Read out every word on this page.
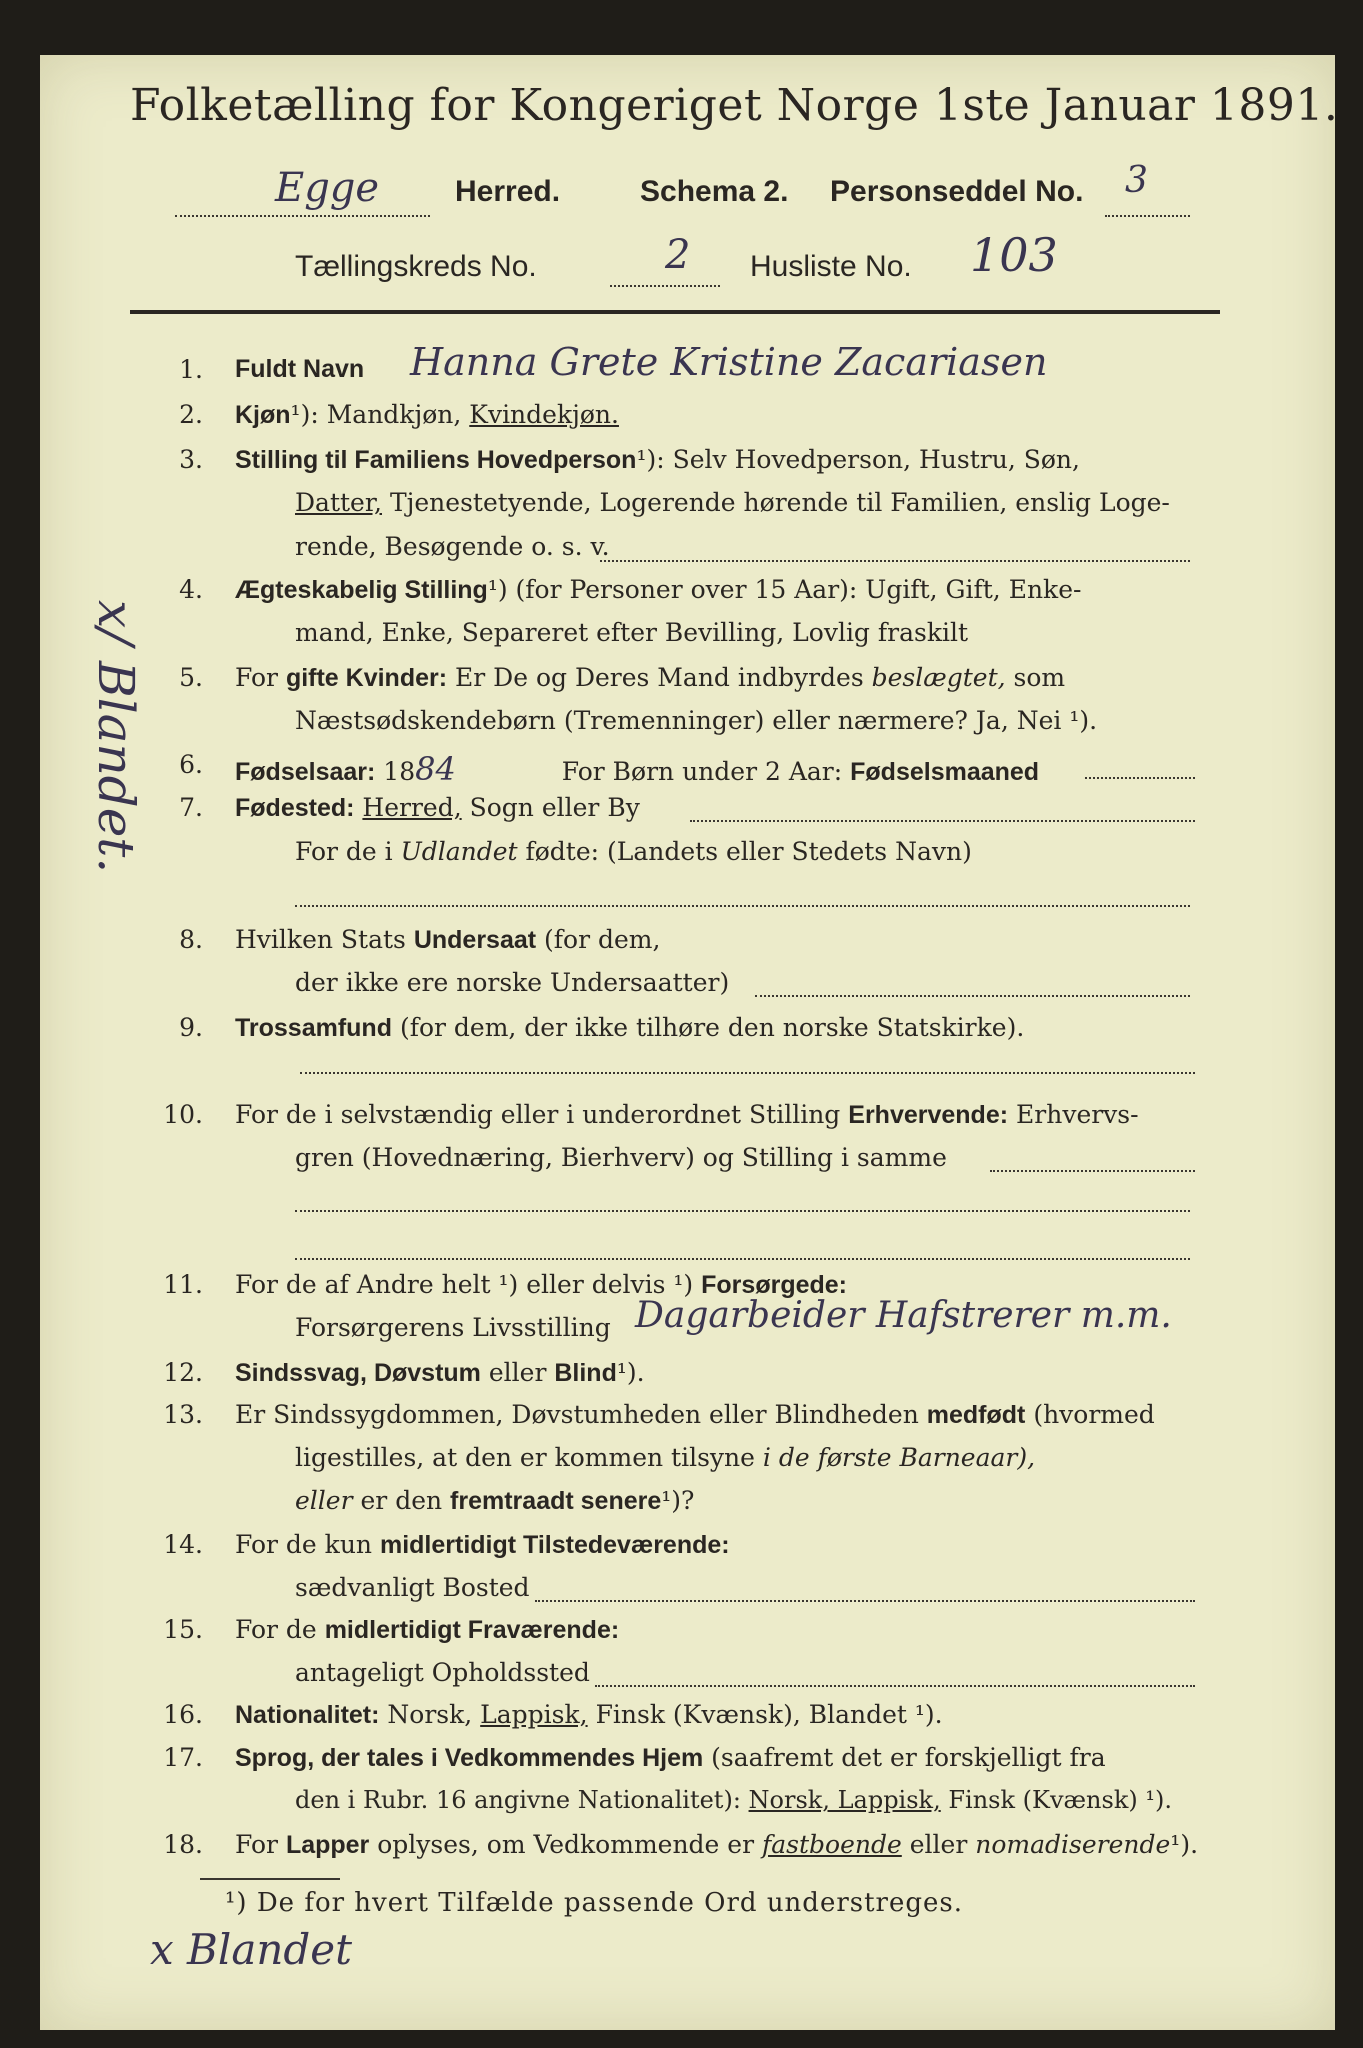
Folketælling for Kongeriget Norge 1ste Januar 1891.
Egge	Herred.	Schema 2. Personseddel No. 3
Tællingskreds No.	2 Husliste No. 103
1. Fuldt Navn Hanna Grete Kristine Zacariasen
2. Kjøn¹): Mandkjøn, Kvindekjøn.
3. Stilling til Familiens Hovedperson¹): Selv Hovedperson, Hustru, Søn,
Datter, Tjenestetyende, Logerende hørende til Familien, enslig Loge-
rende, Besøgende o. s. v.
4. Ægteskabelig Stilling¹) (for Personer over 15 Aar): Ugift, Gift, Enke-
mand, Enke, Separeret efter Bevilling, Lovlig fraskilt
5. For gifte Kvinder: Er De og Deres Mand indbyrdes beslægtet, som
Næstsødskendebørn (Tremenninger) eller nærmere? Ja, Nei ¹).
6. Fødselsaar: 1884	For Børn under 2 Aar: Fødselsmaaned
7. Fødested: Herred, Sogn eller By
For de i Udlandet fødte: (Landets eller Stedets Navn)
8. Hvilken Stats Undersaat (for dem,
der ikke ere norske Undersaatter)
9. Trossamfund (for dem, der ikke tilhøre den norske Statskirke).
10. For de i selvstændig eller i underordnet Stilling Erhvervende: Erhvervs-
gren (Hovednæring, Bierhverv) og Stilling i samme
11. For de af Andre helt ¹) eller delvis ¹) Forsørgede:
Forsørgerens Livsstilling Dagarbeider Hafstrerer m.m.
12. Sindssvag, Døvstum eller Blind¹).
13. Er Sindssygdommen, Døvstumheden eller Blindheden medfødt (hvormed
ligestilles, at den er kommen tilsyne i de første Barneaar),
eller er den fremtraadt senere¹)?
14. For de kun midlertidigt Tilstedeværende:
sædvanligt Bosted
15. For de midlertidigt Fraværende:
antageligt Opholdssted
16. Nationalitet: Norsk, Lappisk, Finsk (Kvænsk), Blandet ¹).
17. Sprog, der tales i Vedkommendes Hjem (saafremt det er forskjelligt fra
den i Rubr. 16 angivne Nationalitet): Norsk, Lappisk, Finsk (Kvænsk) ¹).
18. For Lapper oplyses, om Vedkommende er fastboende eller nomadiserende¹).
¹) De for hvert Tilfælde passende Ord understreges.
x/ Blandet.
x Blandet
